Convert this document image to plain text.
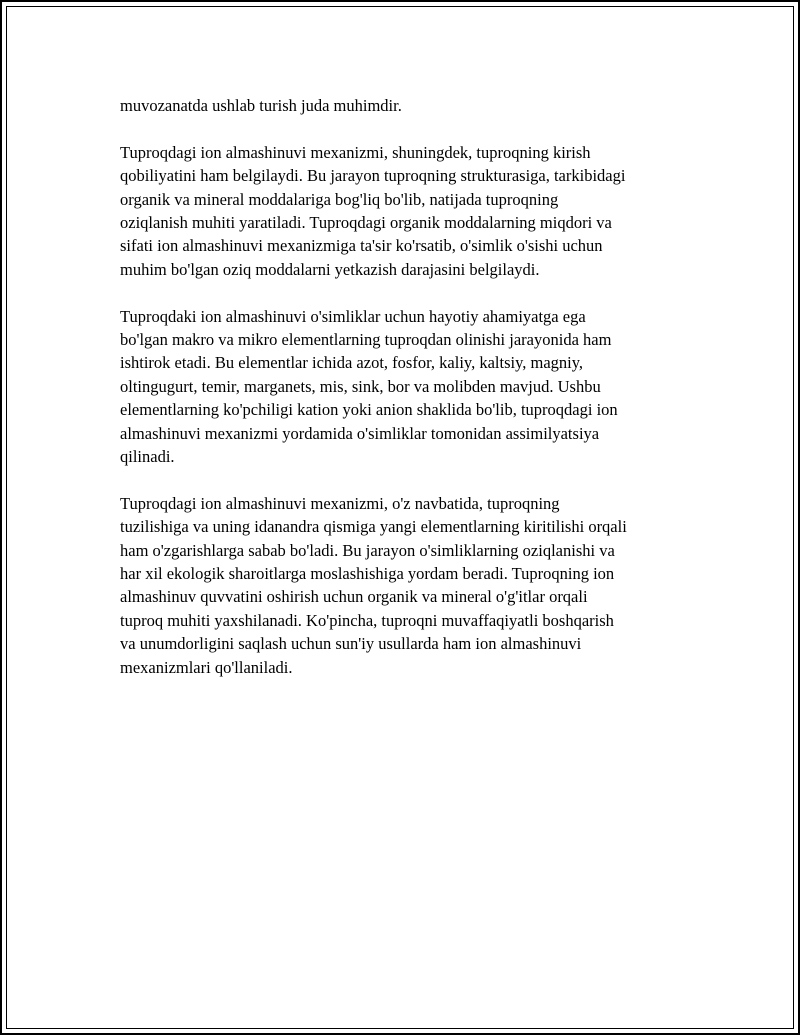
muvozanatda ushlab turish juda muhimdir.
Tuproqdagi ion almashinuvi mexanizmi, shuningdek, tuproqning kirish
qobiliyatini ham belgilaydi. Bu jarayon tuproqning strukturasiga, tarkibidagi
organik va mineral moddalariga bog'liq bo'lib, natijada tuproqning
oziqlanish muhiti yaratiladi. Tuproqdagi organik moddalarning miqdori va
sifati ion almashinuvi mexanizmiga ta'sir ko'rsatib, o'simlik o'sishi uchun
muhim bo'lgan oziq moddalarni yetkazish darajasini belgilaydi.
Tuproqdaki ion almashinuvi o'simliklar uchun hayotiy ahamiyatga ega
bo'lgan makro va mikro elementlarning tuproqdan olinishi jarayonida ham
ishtirok etadi. Bu elementlar ichida azot, fosfor, kaliy, kaltsiy, magniy,
oltingugurt, temir, marganets, mis, sink, bor va molibden mavjud. Ushbu
elementlarning ko'pchiligi kation yoki anion shaklida bo'lib, tuproqdagi ion
almashinuvi mexanizmi yordamida o'simliklar tomonidan assimilyatsiya
qilinadi.
Tuproqdagi ion almashinuvi mexanizmi, o'z navbatida, tuproqning
tuzilishiga va uning idanandra qismiga yangi elementlarning kiritilishi orqali
ham o'zgarishlarga sabab bo'ladi. Bu jarayon o'simliklarning oziqlanishi va
har xil ekologik sharoitlarga moslashishiga yordam beradi. Tuproqning ion
almashinuv quvvatini oshirish uchun organik va mineral o'g'itlar orqali
tuproq muhiti yaxshilanadi. Ko'pincha, tuproqni muvaffaqiyatli boshqarish
va unumdorligini saqlash uchun sun'iy usullarda ham ion almashinuvi
mexanizmlari qo'llaniladi.
